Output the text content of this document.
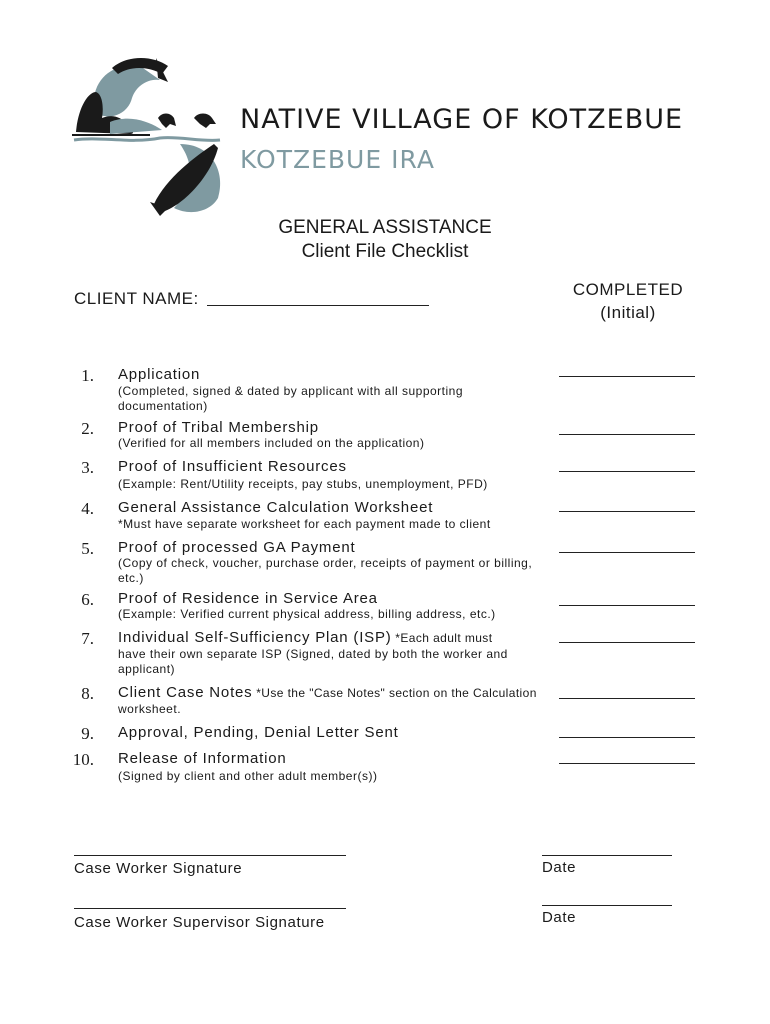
NATIVE VILLAGE OF KOTZEBUE
KOTZEBUE IRA
GENERAL ASSISTANCE
Client File Checklist
CLIENT NAME:	COMPLETED
(Initial)
1. Application
(Completed, signed & dated by applicant with all supporting documentation)
2. Proof of Tribal Membership
(Verified for all members included on the application)
3. Proof of Insufficient Resources
(Example: Rent/Utility receipts, pay stubs, unemployment, PFD)
4. General Assistance Calculation Worksheet
*Must have separate worksheet for each payment made to client
5. Proof of processed GA Payment
(Copy of check, voucher, purchase order, receipts of payment or billing, etc.)
6. Proof of Residence in Service Area
(Example: Verified current physical address, billing address, etc.)
7. Individual Self-Sufficiency Plan (ISP) *Each adult must
have their own separate ISP (Signed, dated by both the worker and applicant)
8. Client Case Notes *Use the "Case Notes" section on the Calculation
worksheet.
9. Approval, Pending, Denial Letter Sent
10. Release of Information
(Signed by client and other adult member(s))
Case Worker Signature	Date
Case Worker Supervisor Signature	Date
